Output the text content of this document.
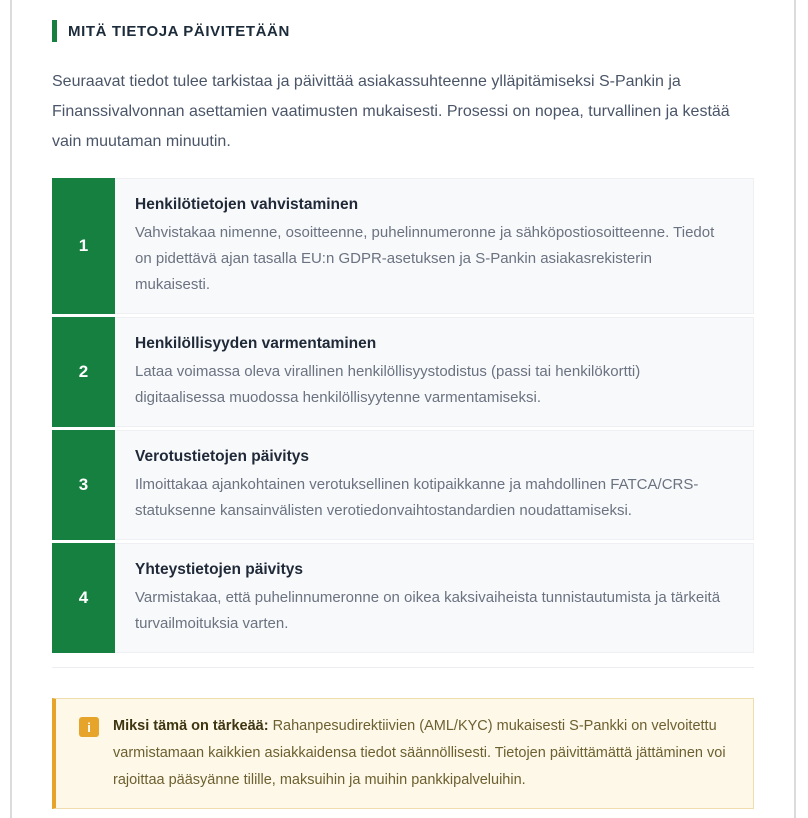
MITÄ TIETOJA PÄIVITETÄÄN

Seuraavat tiedot tulee tarkistaa ja päivittää asiakassuhteenne ylläpitämiseksi S-Pankin ja Finanssivalvonnan asettamien vaatimusten mukaisesti. Prosessi on nopea, turvallinen ja kestää vain muutaman minuutin.

1
Henkilötietojen vahvistaminen
Vahvistakaa nimenne, osoitteenne, puhelinnumeronne ja sähköpostiosoitteenne. Tiedot on pidettävä ajan tasalla EU:n GDPR-asetuksen ja S-Pankin asiakasrekisterin mukaisesti.
2
Henkilöllisyyden varmentaminen
Lataa voimassa oleva virallinen henkilöllisyystodistus (passi tai henkilökortti) digitaalisessa muodossa henkilöllisyytenne varmentamiseksi.
3
Verotustietojen päivitys
Ilmoittakaa ajankohtainen verotuksellinen kotipaikkanne ja mahdollinen FATCA/CRS-statuksenne kansainvälisten verotiedonvaihtostandardien noudattamiseksi.
4
Yhteystietojen päivitys
Varmistakaa, että puhelinnumeronne on oikea kaksivaiheista tunnistautumista ja tärkeitä turvailmoituksia varten.
i	Miksi tämä on tärkeää: Rahanpesudirektiivien (AML/KYC) mukaisesti S-Pankki on velvoitettu varmistamaan kaikkien asiakkaidensa tiedot säännöllisesti. Tietojen päivittämättä jättäminen voi rajoittaa pääsyänne tilille, maksuihin ja muihin pankkipalveluihin.
